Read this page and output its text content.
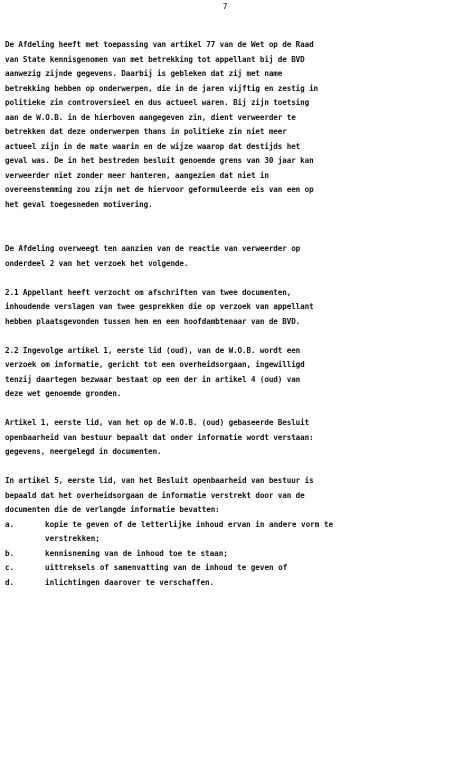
7

De Afdeling heeft met toepassing van artikel 77 van de Wet op de Raad
van State kennisgenomen van met betrekking tot appellant bij de BVD
aanwezig zijnde gegevens. Daarbij is gebleken dat zij met name
betrekking hebben op onderwerpen, die in de jaren vijftig en zestig in
politieke zin controversieel en dus actueel waren. Bij zijn toetsing
aan de W.O.B. in de hierboven aangegeven zin, dient verweerder te
betrekken dat deze onderwerpen thans in politieke zin niet meer
actueel zijn in de mate waarin en de wijze waarop dat destijds het
geval was. De in het bestreden besluit genoemde grens van 30 jaar kan
verweerder niet zonder meer hanteren, aangezien dat niet in
overeenstemming zou zijn met de hiervoor geformuleerde eis van een op
het geval toegesneden motivering.

De Afdeling overweegt ten aanzien van de reactie van verweerder op
onderdeel 2 van het verzoek het volgende.

2.1 Appellant heeft verzocht om afschriften van twee documenten,
inhoudende verslagen van twee gesprekken die op verzoek van appellant
hebben plaatsgevonden tussen hem en een hoofdambtenaar van de BVD.

2.2 Ingevolge artikel 1, eerste lid (oud), van de W.O.B. wordt een
verzoek om informatie, gericht tot een overheidsorgaan, ingewilligd
tenzij daartegen bezwaar bestaat op een der in artikel 4 (oud) van
deze wet genoemde gronden.

Artikel 1, eerste lid, van het op de W.O.B. (oud) gebaseerde Besluit
openbaarheid van bestuur bepaalt dat onder informatie wordt verstaan:
gegevens, neergelegd in documenten.

In artikel 5, eerste lid, van het Besluit openbaarheid van bestuur is
bepaald dat het overheidsorgaan de informatie verstrekt door van de
documenten die de verlangde informatie bevatten:

a.	kopie te geven of de letterlijke inhoud ervan in andere vorm te
verstrekken;
b.	kennisneming van de inhoud toe te staan;
c.	uittreksels of samenvatting van de inhoud te geven of
d.	inlichtingen daarover te verschaffen.
